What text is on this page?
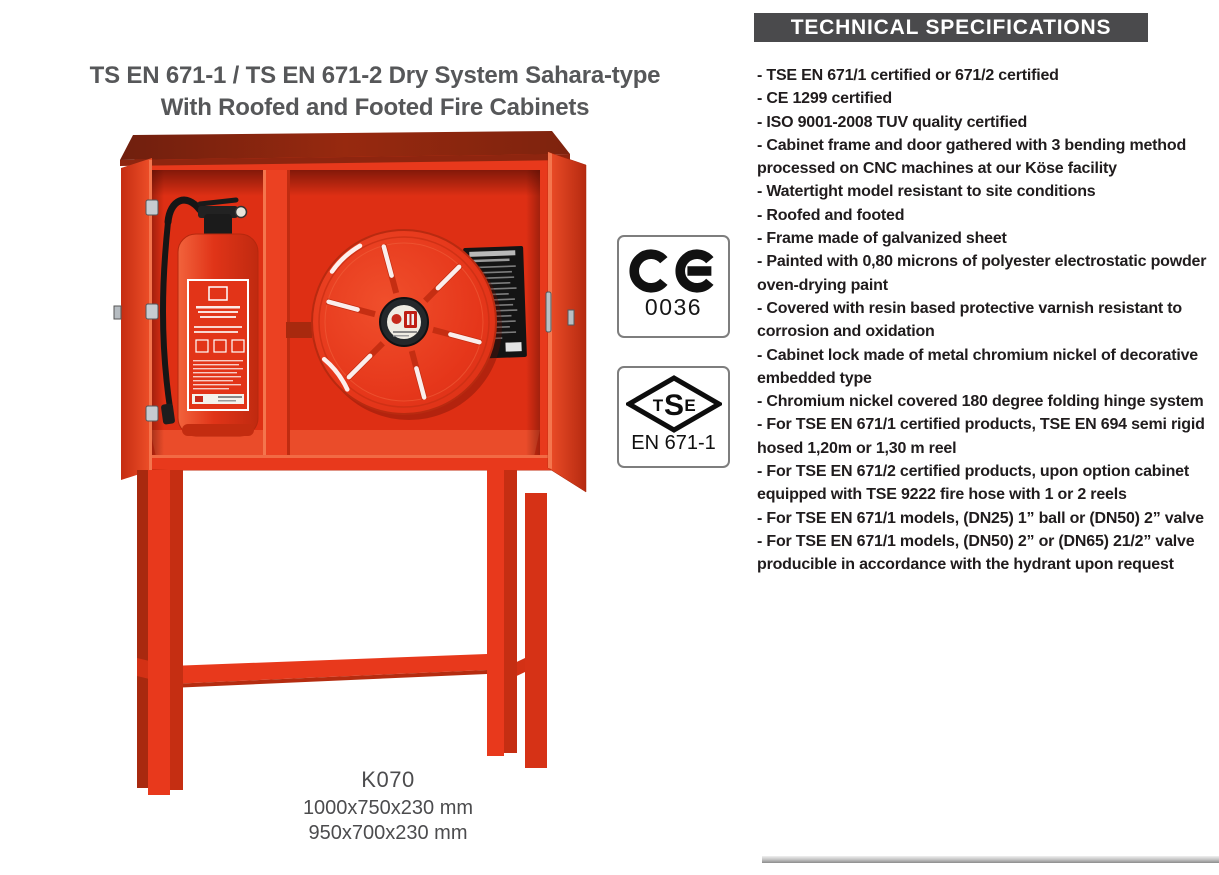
TS EN 671-1 / TS EN 671-2 Dry System Sahara-type
With Roofed and Footed Fire Cabinets
K070
1000x750x230 mm
950x700x230 mm
0036
T S E
EN 671-1
TECHNICAL SPECIFICATIONS
- TSE EN 671/1 certified or 671/2 certified
- CE 1299 certified
- ISO 9001-2008 TUV quality certified
- Cabinet frame and door gathered with 3 bending method processed on CNC machines at our Köse facility
- Watertight model resistant to site conditions
- Roofed and footed
- Frame made of galvanized sheet
- Painted with 0,80 microns of polyester electrostatic powder oven-drying paint
- Covered with resin based protective varnish resistant to corrosion and oxidation
- Cabinet lock made of metal chromium nickel of decorative embedded type
- Chromium nickel covered 180 degree folding hinge system
- For TSE EN 671/1 certified products, TSE EN 694 semi rigid hosed 1,20m or 1,30 m reel
- For TSE EN 671/2 certified products, upon option cabinet equipped with TSE 9222 fire hose with 1 or 2 reels
- For TSE EN 671/1 models, (DN25) 1” ball or (DN50) 2” valve
- For TSE EN 671/1 models, (DN50) 2” or (DN65) 21/2” valve  producible in accordance with the hydrant upon request
